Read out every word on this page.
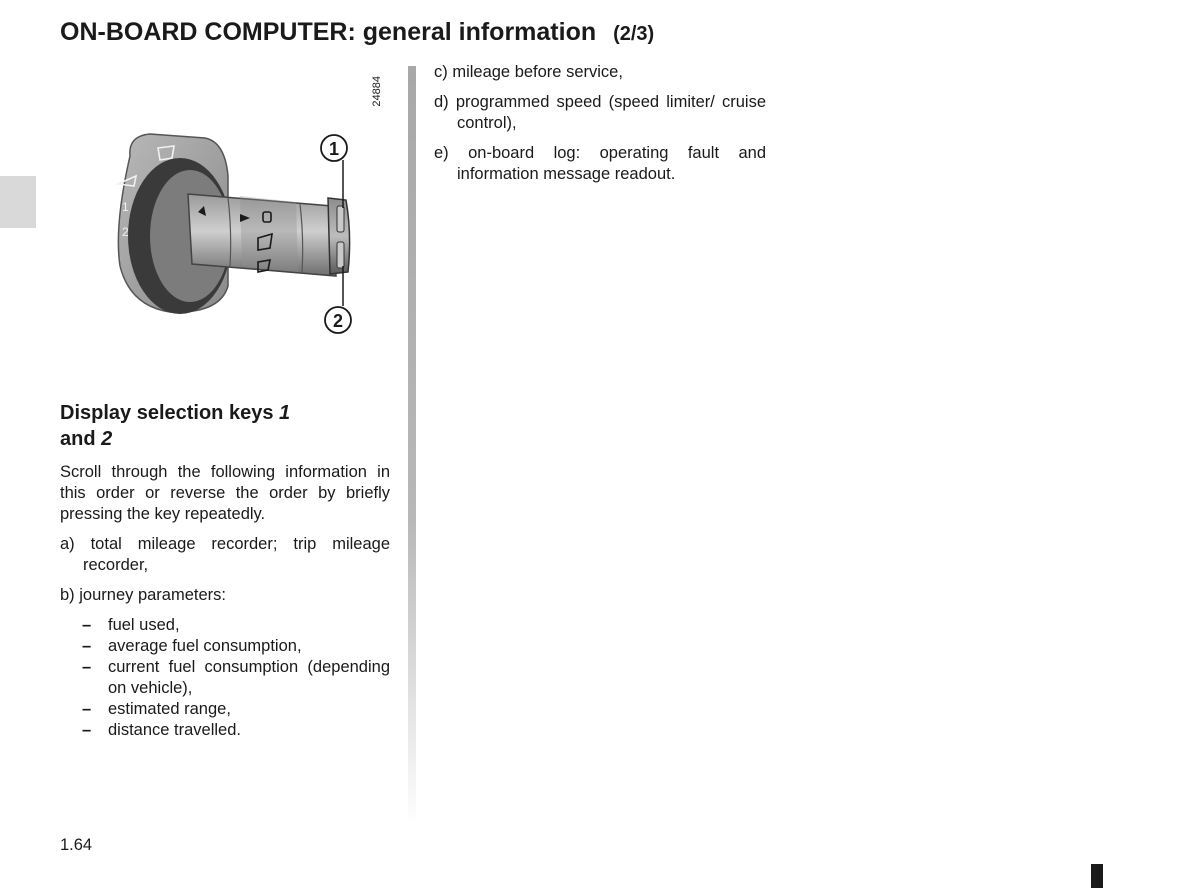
ON-BOARD COMPUTER: general information (2/3)
24884
1
2
1
2
Display selection keys 1
and 2

Scroll through the following information in this order or reverse the order by briefly pressing the key repeatedly.

a) total mileage recorder; trip mileage recorder,

b) journey parameters:

– fuel used,
– average fuel consumption,
– current fuel consumption (depending on vehicle),
– estimated range,
– distance travelled.

c) mileage before service,

d) programmed speed (speed limiter/ cruise control),

e) on-board log: operating fault and information message readout.

1.64
